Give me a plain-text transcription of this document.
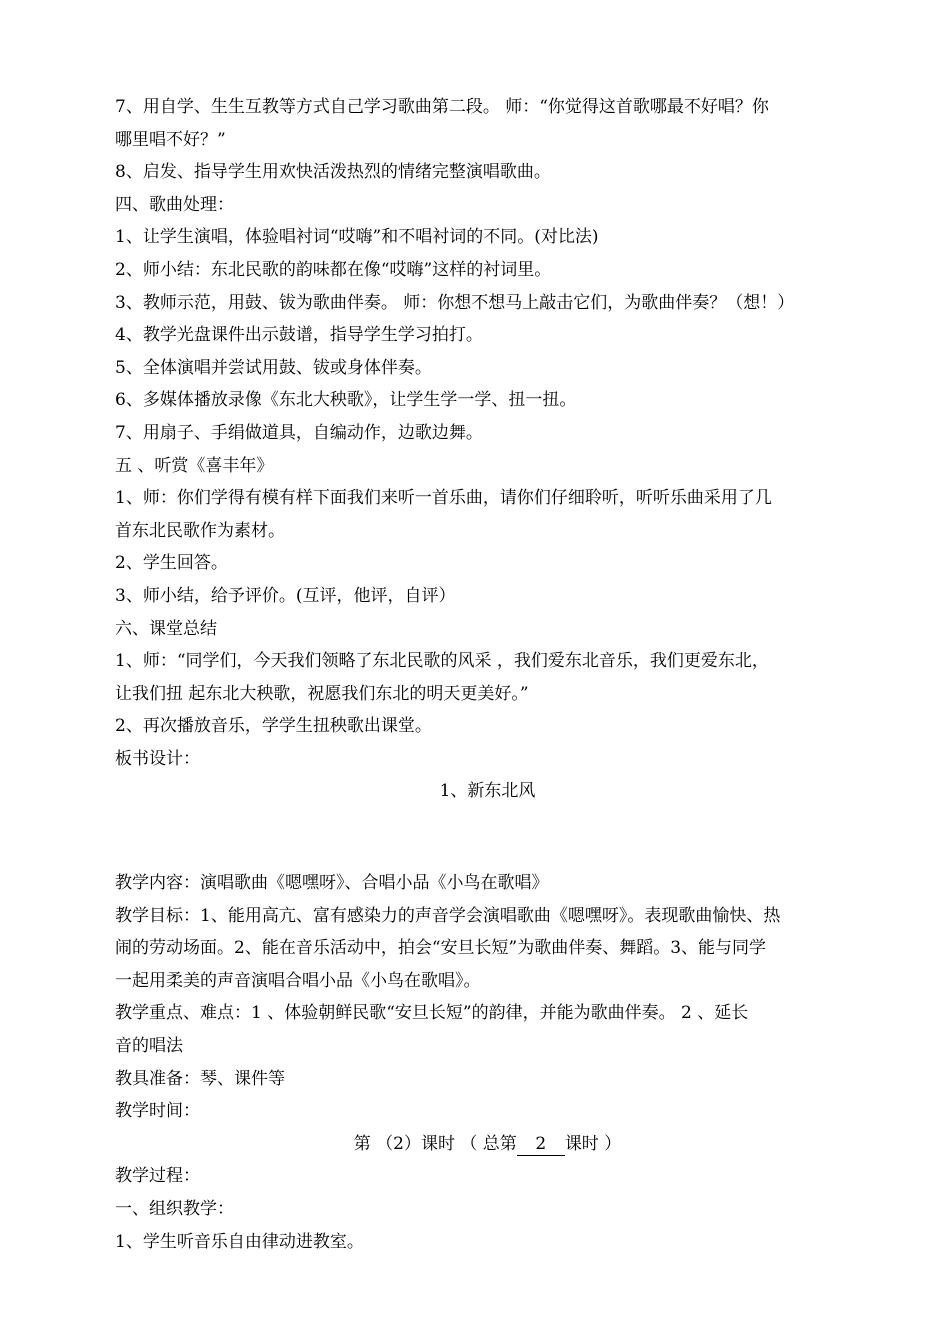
7、用自学、生生互教等方式自己学习歌曲第二段。 师：“你觉得这首歌哪最不好唱？你
哪里唱不好？”
8、启发、指导学生用欢快活泼热烈的情绪完整演唱歌曲。
四、歌曲处理：
1、让学生演唱，体验唱衬词“哎嗨”和不唱衬词的不同。(对比法)
2、师小结：东北民歌的韵味都在像“哎嗨”这样的衬词里。
3、教师示范，用鼓、钹为歌曲伴奏。 师：你想不想马上敲击它们，为歌曲伴奏？（想！）
4、教学光盘课件出示鼓谱，指导学生学习拍打。
5、全体演唱并尝试用鼓、钹或身体伴奏。
6、多媒体播放录像《东北大秧歌》，让学生学一学、扭一扭。
7、用扇子、手绢做道具，自编动作，边歌边舞。
五 、听赏《喜丰年》
1、师：你们学得有模有样下面我们来听一首乐曲，请你们仔细聆听，听听乐曲采用了几
首东北民歌作为素材。
2、学生回答。
3、师小结，给予评价。(互评，他评，自评）
六、课堂总结
1、师：“同学们，今天我们领略了东北民歌的风采 ，我们爱东北音乐，我们更爱东北，
让我们扭 起东北大秧歌，祝愿我们东北的明天更美好。”
2、再次播放音乐，学学生扭秧歌出课堂。
板书设计：
1、新东北风
教学内容：演唱歌曲《嗯嘿呀》、合唱小品《小鸟在歌唱》
教学目标：1、能用高亢、富有感染力的声音学会演唱歌曲《嗯嘿呀》。表现歌曲愉快、热
闹的劳动场面。2、能在音乐活动中，拍会“安旦长短”为歌曲伴奏、舞蹈。3、能与同学
一起用柔美的声音演唱合唱小品《小鸟在歌唱》。
教学重点、难点：1 、体验朝鲜民歌“安旦长短”的韵律，并能为歌曲伴奏。 2 、延长
音的唱法
教具准备：琴、课件等
教学时间：
第 （2）课时 （ 总第 2 课时 ）
教学过程：
一、组织教学：
1、学生听音乐自由律动进教室。
